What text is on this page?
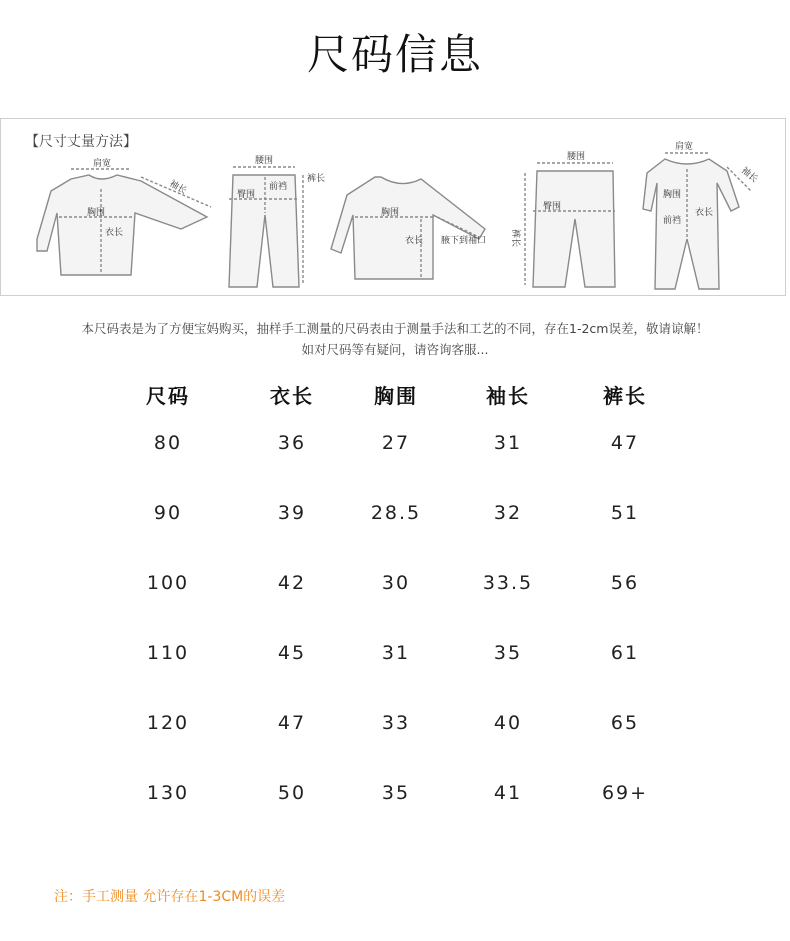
尺码信息
【尺寸丈量方法】
肩宽
袖长
胸围
衣长
腰围
裤长
前裆
臀围
胸围
衣长 腋下到袖口
腰围
裤长
臀围
肩宽
袖长
胸围
前裆
衣长
本尺码表是为了方便宝妈购买，抽样手工测量的尺码表由于测量手法和工艺的不同，存在1-2cm误差，敬请谅解！
如对尺码等有疑问，请咨询客服...
尺码	衣长	胸围	袖长	裤长
80	36	27	31	47
90	39	28.5	32	51
100	42	30	33.5	56
110	45	31	35	61
120	47	33	40	65
130	50	35	41	69+
注：手工测量 允许存在1-3CM的误差
